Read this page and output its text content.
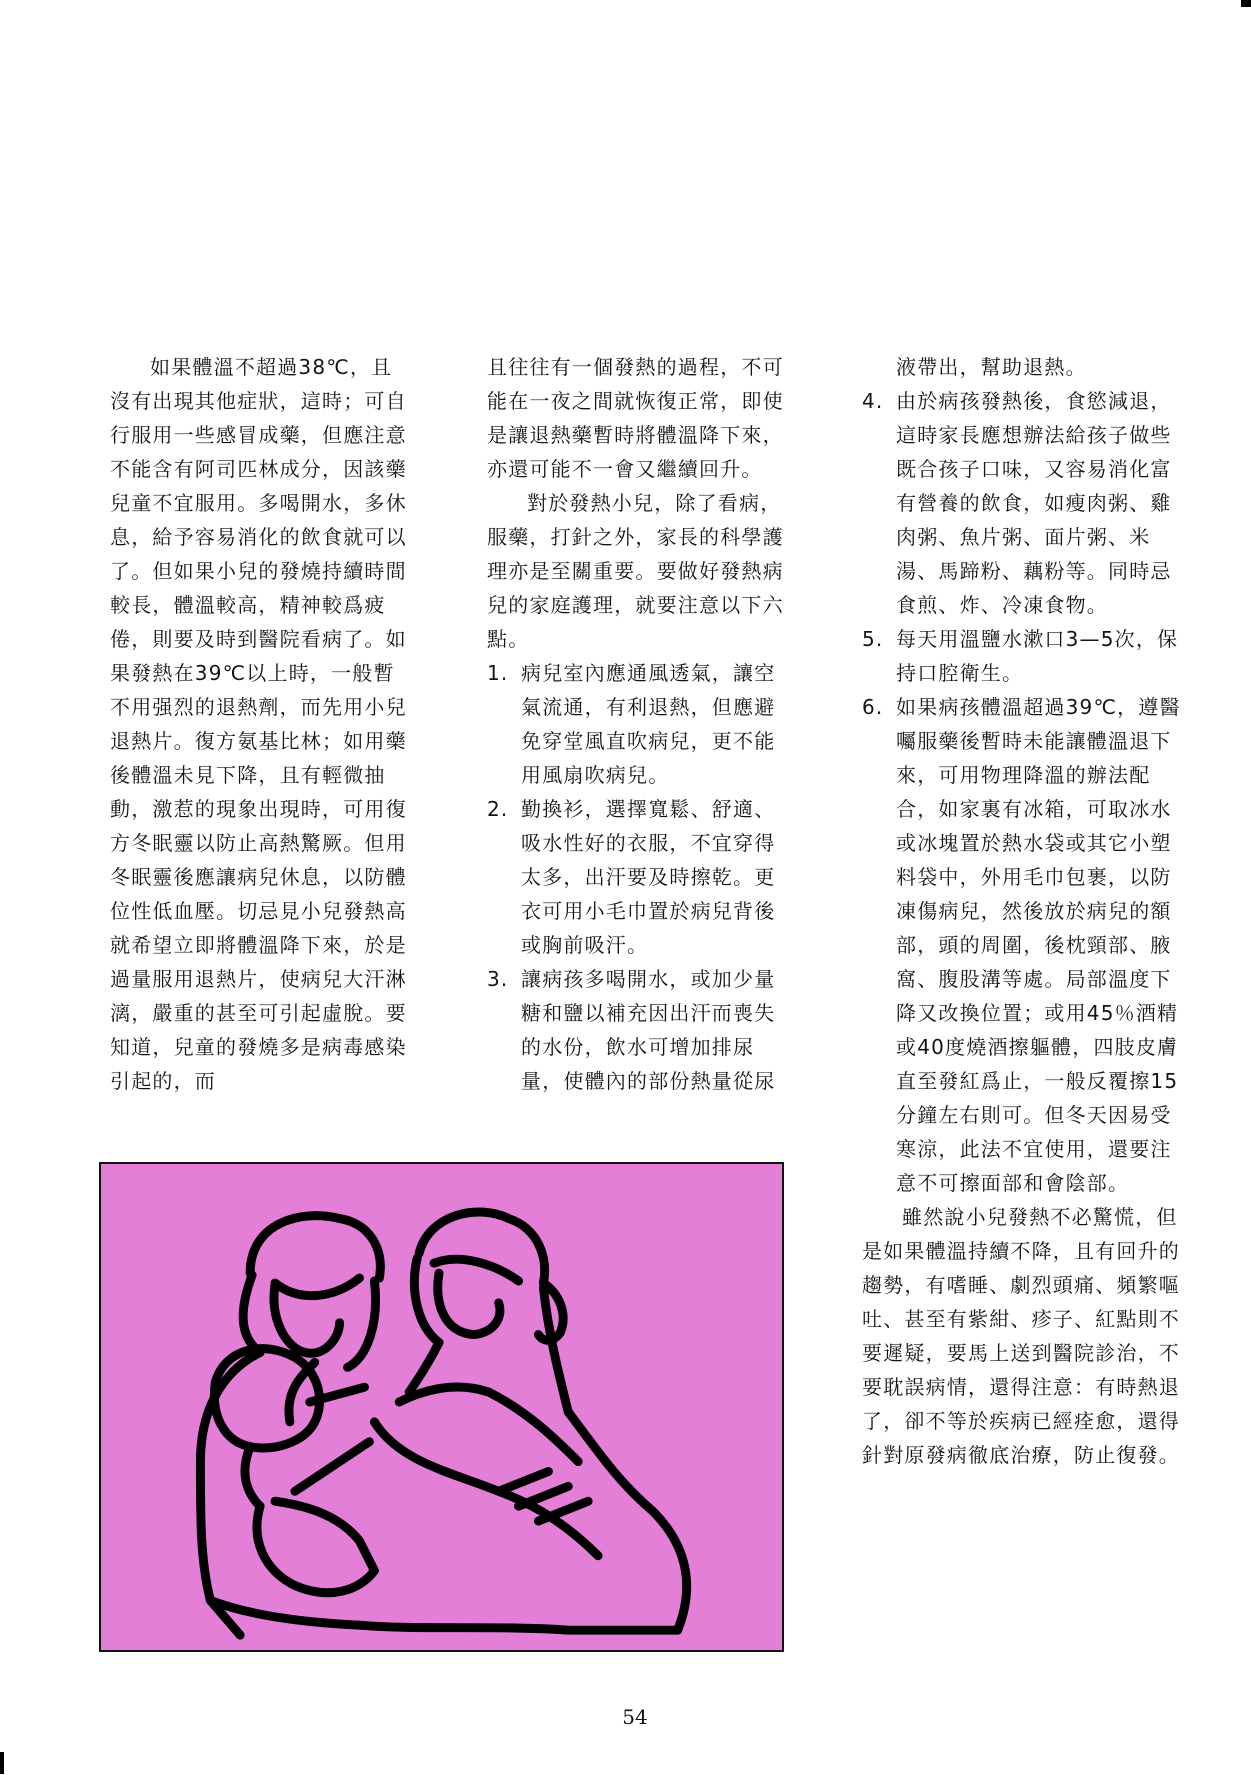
如果體溫不超過38℃，且沒有出現其他症狀，這時；可自行服用一些感冒成藥，但應注意不能含有阿司匹林成分，因該藥兒童不宜服用。多喝開水，多休息，給予容易消化的飲食就可以了。但如果小兒的發燒持續時間較長，體溫較高，精神較爲疲倦，則要及時到醫院看病了。如果發熱在39℃以上時，一般暫不用强烈的退熱劑，而先用小兒退熱片。復方氨基比林；如用藥後體溫未見下降，且有輕微抽動，激惹的現象出現時，可用復方冬眠靈以防止高熱驚厥。但用冬眠靈後應讓病兒休息，以防體位性低血壓。切忌見小兒發熱高就希望立即將體溫降下來，於是過量服用退熱片，使病兒大汗淋漓，嚴重的甚至可引起虛脫。要知道，兒童的發燒多是病毒感染引起的，而

且往往有一個發熱的過程，不可能在一夜之間就恢復正常，即使是讓退熱藥暫時將體溫降下來，亦還可能不一會又繼續回升。

對於發熱小兒，除了看病，服藥，打針之外，家長的科學護理亦是至關重要。要做好發熱病兒的家庭護理，就要注意以下六點。

1. 病兒室內應通風透氣，讓空氣流通，有利退熱，但應避免穿堂風直吹病兒，更不能用風扇吹病兒。

2. 勤換衫，選擇寬鬆、舒適、吸水性好的衣服，不宜穿得太多，出汗要及時擦乾。更衣可用小毛巾置於病兒背後或胸前吸汗。

3. 讓病孩多喝開水，或加少量糖和鹽以補充因出汗而喪失的水份，飲水可增加排尿量，使體內的部份熱量從尿

液帶出，幫助退熱。

4. 由於病孩發熱後，食慾減退，這時家長應想辦法給孩子做些既合孩子口味，又容易消化富有營養的飲食，如瘦肉粥、雞肉粥、魚片粥、面片粥、米湯、馬蹄粉、藕粉等。同時忌食煎、炸、冷凍食物。

5. 每天用溫鹽水漱口3—5次，保持口腔衛生。

6. 如果病孩體溫超過39℃，遵醫囑服藥後暫時未能讓體溫退下來，可用物理降溫的辦法配合，如家裏有冰箱，可取冰水或冰塊置於熱水袋或其它小塑料袋中，外用毛巾包裹，以防凍傷病兒，然後放於病兒的額部，頭的周圍，後枕頸部、腋窩、腹股溝等處。局部溫度下降又改換位置；或用45％酒精或40度燒酒擦軀體，四肢皮膚直至發紅爲止，一般反覆擦15分鐘左右則可。但冬天因易受寒涼，此法不宜使用，還要注意不可擦面部和會陰部。

雖然說小兒發熱不必驚慌，但是如果體溫持續不降，且有回升的趨勢，有嗜睡、劇烈頭痛、頻繁嘔吐、甚至有紫紺、疹子、紅點則不要遲疑，要馬上送到醫院診治，不要耽誤病情，還得注意：有時熱退了，卻不等於疾病已經痊愈，還得針對原發病徹底治療，防止復發。

54
